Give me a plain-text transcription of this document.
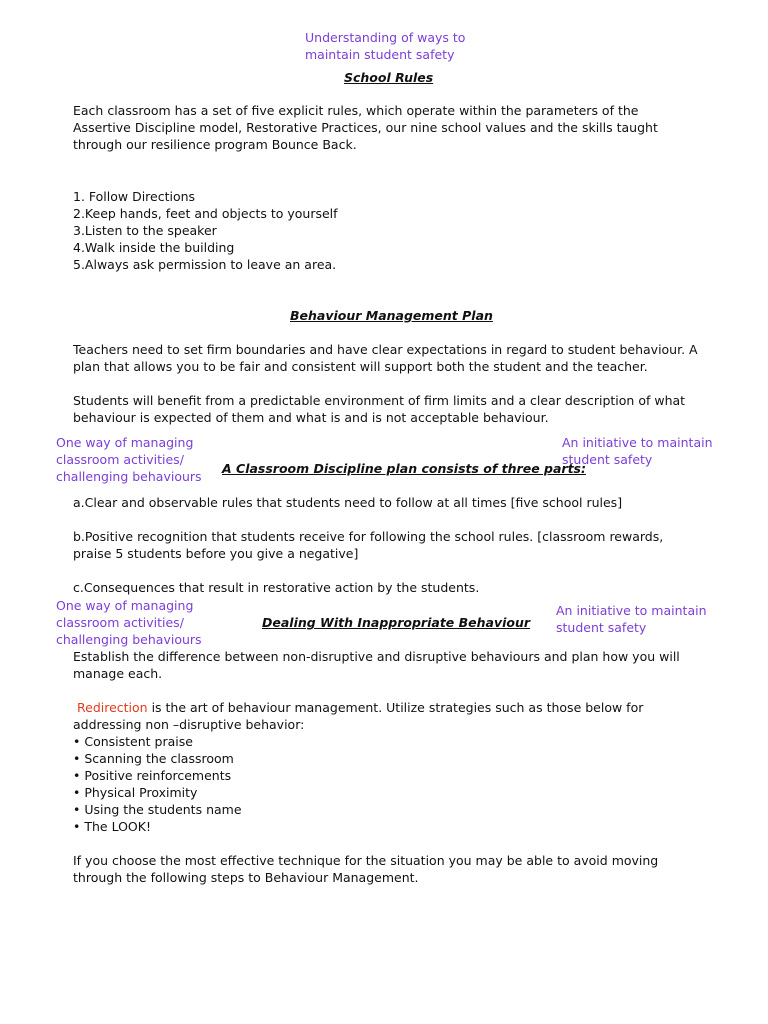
Understanding of ways to
maintain student safety
School Rules
Each classroom has a set of five explicit rules, which operate within the parameters of the
Assertive Discipline model, Restorative Practices, our nine school values and the skills taught
through our resilience program Bounce Back.
1. Follow Directions
2.Keep hands, feet and objects to yourself
3.Listen to the speaker
4.Walk inside the building
5.Always ask permission to leave an area.
Behaviour Management Plan
Teachers need to set firm boundaries and have clear expectations in regard to student behaviour. A
plan that allows you to be fair and consistent will support both the student and the teacher.
Students will benefit from a predictable environment of firm limits and a clear description of what
behaviour is expected of them and what is and is not acceptable behaviour.
One way of managing
classroom activities/
challenging behaviours
An initiative to maintain
student safety
A Classroom Discipline plan consists of three parts:
a.Clear and observable rules that students need to follow at all times [five school rules]
b.Positive recognition that students receive for following the school rules. [classroom rewards,
praise 5 students before you give a negative]
c.Consequences that result in restorative action by the students.
One way of managing
classroom activities/
challenging behaviours
An initiative to maintain
student safety
Dealing With Inappropriate Behaviour
Establish the difference between non-disruptive and disruptive behaviours and plan how you will
manage each.
Redirection is the art of behaviour management. Utilize strategies such as those below for
addressing non –disruptive behavior:
• Consistent praise
• Scanning the classroom
• Positive reinforcements
• Physical Proximity
• Using the students name
• The LOOK!
If you choose the most effective technique for the situation you may be able to avoid moving
through the following steps to Behaviour Management.
